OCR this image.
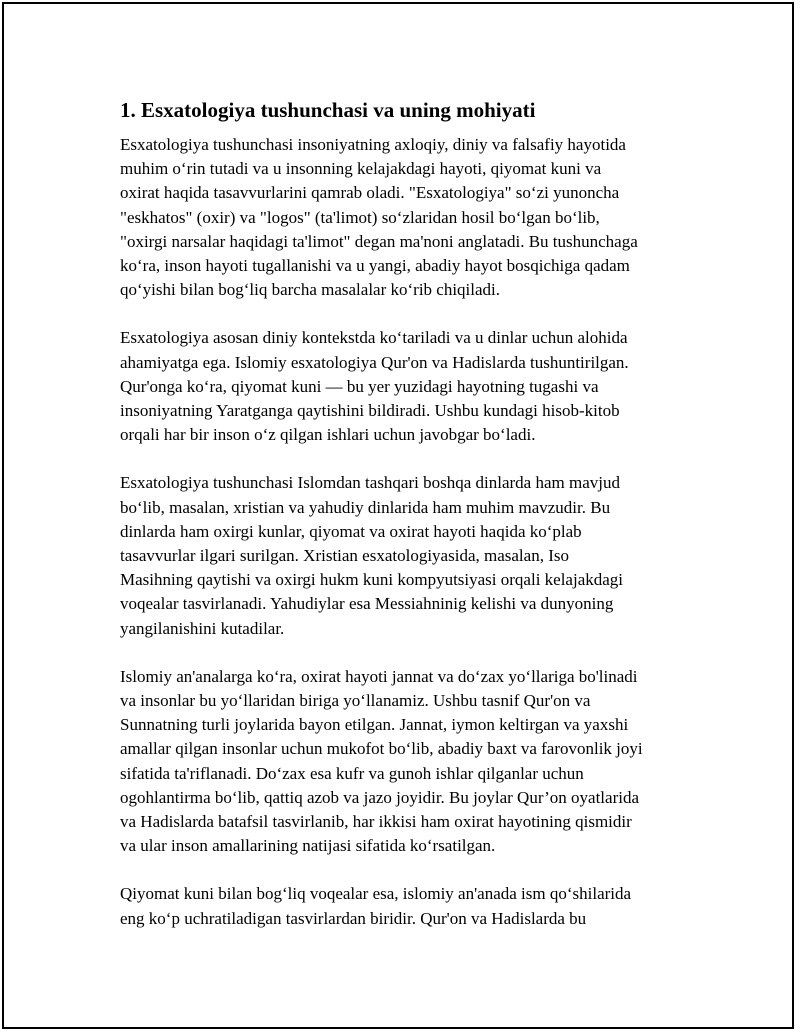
1. Esxatologiya tushunchasi va uning mohiyati

Esxatologiya tushunchasi insoniyatning axloqiy, diniy va falsafiy hayotida
muhim o‘rin tutadi va u insonning kelajakdagi hayoti, qiyomat kuni va
oxirat haqida tasavvurlarini qamrab oladi. "Esxatologiya" so‘zi yunoncha
"eskhatos" (oxir) va "logos" (ta'limot) so‘zlaridan hosil bo‘lgan bo‘lib,
"oxirgi narsalar haqidagi ta'limot" degan ma'noni anglatadi. Bu tushunchaga
ko‘ra, inson hayoti tugallanishi va u yangi, abadiy hayot bosqichiga qadam
qo‘yishi bilan bog‘liq barcha masalalar ko‘rib chiqiladi.

Esxatologiya asosan diniy kontekstda ko‘tariladi va u dinlar uchun alohida
ahamiyatga ega. Islomiy esxatologiya Qur'on va Hadislarda tushuntirilgan.
Qur'onga ko‘ra, qiyomat kuni — bu yer yuzidagi hayotning tugashi va
insoniyatning Yaratganga qaytishini bildiradi. Ushbu kundagi hisob-kitob
orqali har bir inson o‘z qilgan ishlari uchun javobgar bo‘ladi.

Esxatologiya tushunchasi Islomdan tashqari boshqa dinlarda ham mavjud
bo‘lib, masalan, xristian va yahudiy dinlarida ham muhim mavzudir. Bu
dinlarda ham oxirgi kunlar, qiyomat va oxirat hayoti haqida ko‘plab
tasavvurlar ilgari surilgan. Xristian esxatologiyasida, masalan, Iso
Masihning qaytishi va oxirgi hukm kuni kompyutsiyasi orqali kelajakdagi
voqealar tasvirlanadi. Yahudiylar esa Messiahninig kelishi va dunyoning
yangilanishini kutadilar.

Islomiy an'analarga ko‘ra, oxirat hayoti jannat va do‘zax yo‘llariga bo'linadi
va insonlar bu yo‘llaridan biriga yo‘llanamiz. Ushbu tasnif Qur'on va
Sunnatning turli joylarida bayon etilgan. Jannat, iymon keltirgan va yaxshi
amallar qilgan insonlar uchun mukofot bo‘lib, abadiy baxt va farovonlik joyi
sifatida ta'riflanadi. Do‘zax esa kufr va gunoh ishlar qilganlar uchun
ogohlantirma bo‘lib, qattiq azob va jazo joyidir. Bu joylar Qur’on oyatlarida
va Hadislarda batafsil tasvirlanib, har ikkisi ham oxirat hayotining qismidir
va ular inson amallarining natijasi sifatida ko‘rsatilgan.

Qiyomat kuni bilan bog‘liq voqealar esa, islomiy an'anada ism qo‘shilarida
eng ko‘p uchratiladigan tasvirlardan biridir. Qur'on va Hadislarda bu
